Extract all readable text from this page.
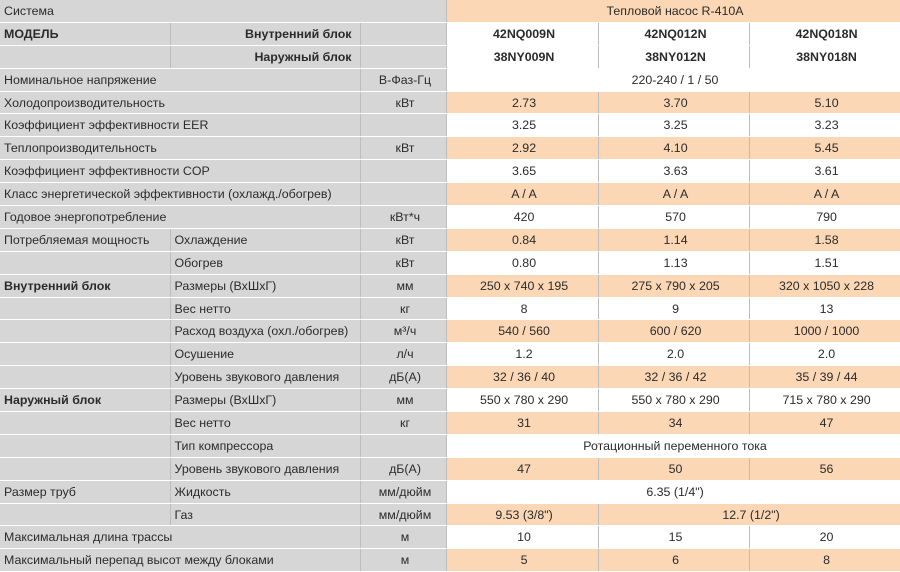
Система			Тепловой насос R-410A		
МОДЕЛЬ	Внутренний блок		42NQ009N	42NQ012N	42NQ018N
	Наружный блок		38NY009N	38NY012N	38NY018N
Номинальное напряжение		В-Фаз-Гц	220-240 / 1 / 50		
Холодопроизводительность		кВт	2.73	3.70	5.10
Коэффициент эффективности EER			3.25	3.25	3.23
Теплопроизводительность		кВт	2.92	4.10	5.45
Коэффициент эффективности COP			3.65	3.63	3.61
Класс энергетической эффективности (охлажд./обогрев)			A / A	A / A	A / A
Годовое энергопотребление		кВт*ч	420	570	790
Потребляемая мощность	Охлаждение	кВт	0.84	1.14	1.58
	Обогрев	кВт	0.80	1.13	1.51
Внутренний блок	Размеры (ВхШхГ)	мм	250 х 740 х 195	275 х 790 х 205	320 х 1050 х 228
	Вес нетто	кг	8	9	13
	Расход воздуха (охл./обогрев)	м³/ч	540 / 560	600 / 620	1000 / 1000
	Осушение	л/ч	1.2	2.0	2.0
	Уровень звукового давления	дБ(А)	32 / 36 / 40	32 / 36 / 42	35 / 39 / 44
Наружный блок	Размеры (ВхШхГ)	мм	550 х 780 х 290	550 х 780 х 290	715 х 780 х 290
	Вес нетто	кг	31	34	47
	Тип компрессора		Ротационный переменного тока		
	Уровень звукового давления	дБ(А)	47	50	56
Размер труб	Жидкость	мм/дюйм	6.35 (1/4")		
	Газ	мм/дюйм	9.53 (3/8")	12.7 (1/2")	
Максимальная длина трассы		м	10	15	20
Максимальный перепад высот между блоками		м	5	6	8
